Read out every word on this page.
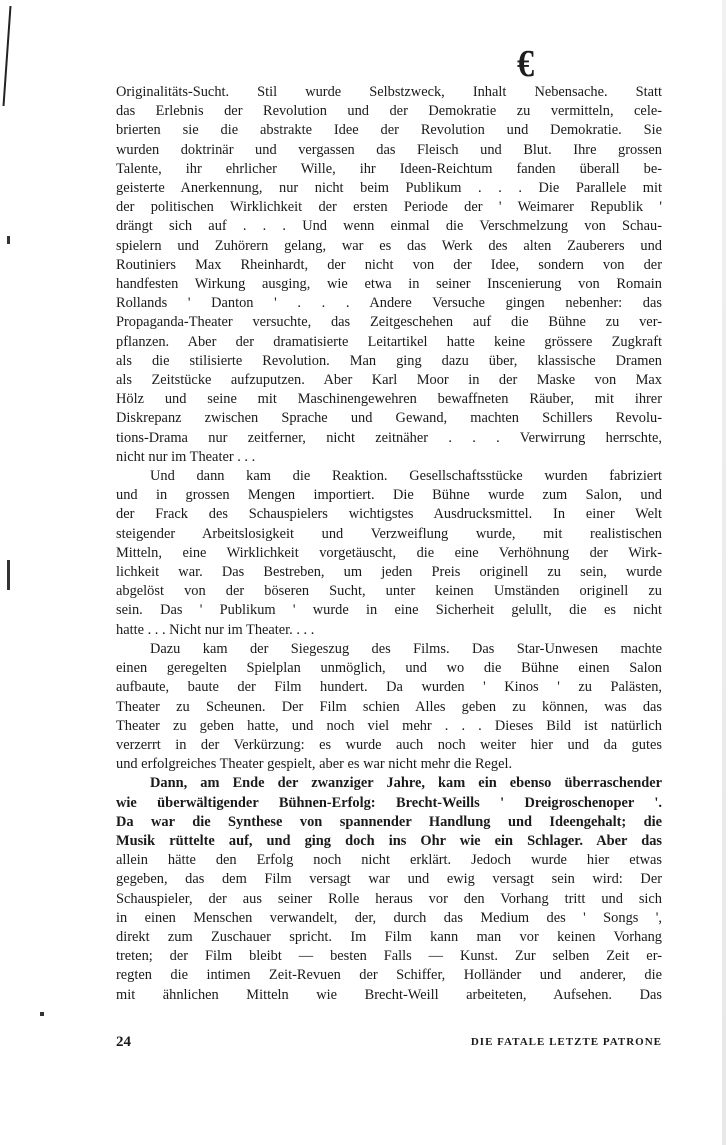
€

Originalitäts-Sucht. Stil wurde Selbstzweck, Inhalt Nebensache. Statt
das Erlebnis der Revolution und der Demokratie zu vermitteln, cele-
brierten sie die abstrakte Idee der Revolution und Demokratie. Sie
wurden doktrinär und vergassen das Fleisch und Blut. Ihre grossen
Talente, ihr ehrlicher Wille, ihr Ideen-Reichtum fanden überall be-
geisterte Anerkennung, nur nicht beim Publikum . . . Die Parallele mit
der politischen Wirklichkeit der ersten Periode der ' Weimarer Republik '
drängt sich auf . . . Und wenn einmal die Verschmelzung von Schau-
spielern und Zuhörern gelang, war es das Werk des alten Zauberers und
Routiniers Max Rheinhardt, der nicht von der Idee, sondern von der
handfesten Wirkung ausging, wie etwa in seiner Inscenierung von Romain
Rollands ' Danton ' . . . Andere Versuche gingen nebenher: das
Propaganda-Theater versuchte, das Zeitgeschehen auf die Bühne zu ver-
pflanzen. Aber der dramatisierte Leitartikel hatte keine grössere Zugkraft
als die stilisierte Revolution. Man ging dazu über, klassische Dramen
als Zeitstücke aufzuputzen. Aber Karl Moor in der Maske von Max
Hölz und seine mit Maschinengewehren bewaffneten Räuber, mit ihrer
Diskrepanz zwischen Sprache und Gewand, machten Schillers Revolu-
tions-Drama nur zeitferner, nicht zeitnäher . . . Verwirrung herrschte,
nicht nur im Theater . . .

Und dann kam die Reaktion. Gesellschaftsstücke wurden fabriziert
und in grossen Mengen importiert. Die Bühne wurde zum Salon, und
der Frack des Schauspielers wichtigstes Ausdrucksmittel. In einer Welt
steigender Arbeitslosigkeit und Verzweiflung wurde, mit realistischen
Mitteln, eine Wirklichkeit vorgetäuscht, die eine Verhöhnung der Wirk-
lichkeit war. Das Bestreben, um jeden Preis originell zu sein, wurde
abgelöst von der böseren Sucht, unter keinen Umständen originell zu
sein. Das ' Publikum ' wurde in eine Sicherheit gelullt, die es nicht
hatte . . . Nicht nur im Theater. . . .

Dazu kam der Siegeszug des Films. Das Star-Unwesen machte
einen geregelten Spielplan unmöglich, und wo die Bühne einen Salon
aufbaute, baute der Film hundert. Da wurden ' Kinos ' zu Palästen,
Theater zu Scheunen. Der Film schien Alles geben zu können, was das
Theater zu geben hatte, und noch viel mehr . . . Dieses Bild ist natürlich
verzerrt in der Verkürzung: es wurde auch noch weiter hier und da gutes
und erfolgreiches Theater gespielt, aber es war nicht mehr die Regel.

Dann, am Ende der zwanziger Jahre, kam ein ebenso überraschender
wie überwältigender Bühnen-Erfolg: Brecht-Weills ' Dreigroschenoper '.
Da war die Synthese von spannender Handlung und Ideengehalt; die
Musik rüttelte auf, und ging doch ins Ohr wie ein Schlager. Aber das
allein hätte den Erfolg noch nicht erklärt. Jedoch wurde hier etwas
gegeben, das dem Film versagt war und ewig versagt sein wird: Der
Schauspieler, der aus seiner Rolle heraus vor den Vorhang tritt und sich
in einen Menschen verwandelt, der, durch das Medium des ' Songs ',
direkt zum Zuschauer spricht. Im Film kann man vor keinen Vorhang
treten; der Film bleibt — besten Falls — Kunst. Zur selben Zeit er-
regten die intimen Zeit-Revuen der Schiffer, Holländer und anderer, die
mit ähnlichen Mitteln wie Brecht-Weill arbeiteten, Aufsehen. Das

24	DIE FATALE LETZTE PATRONE
